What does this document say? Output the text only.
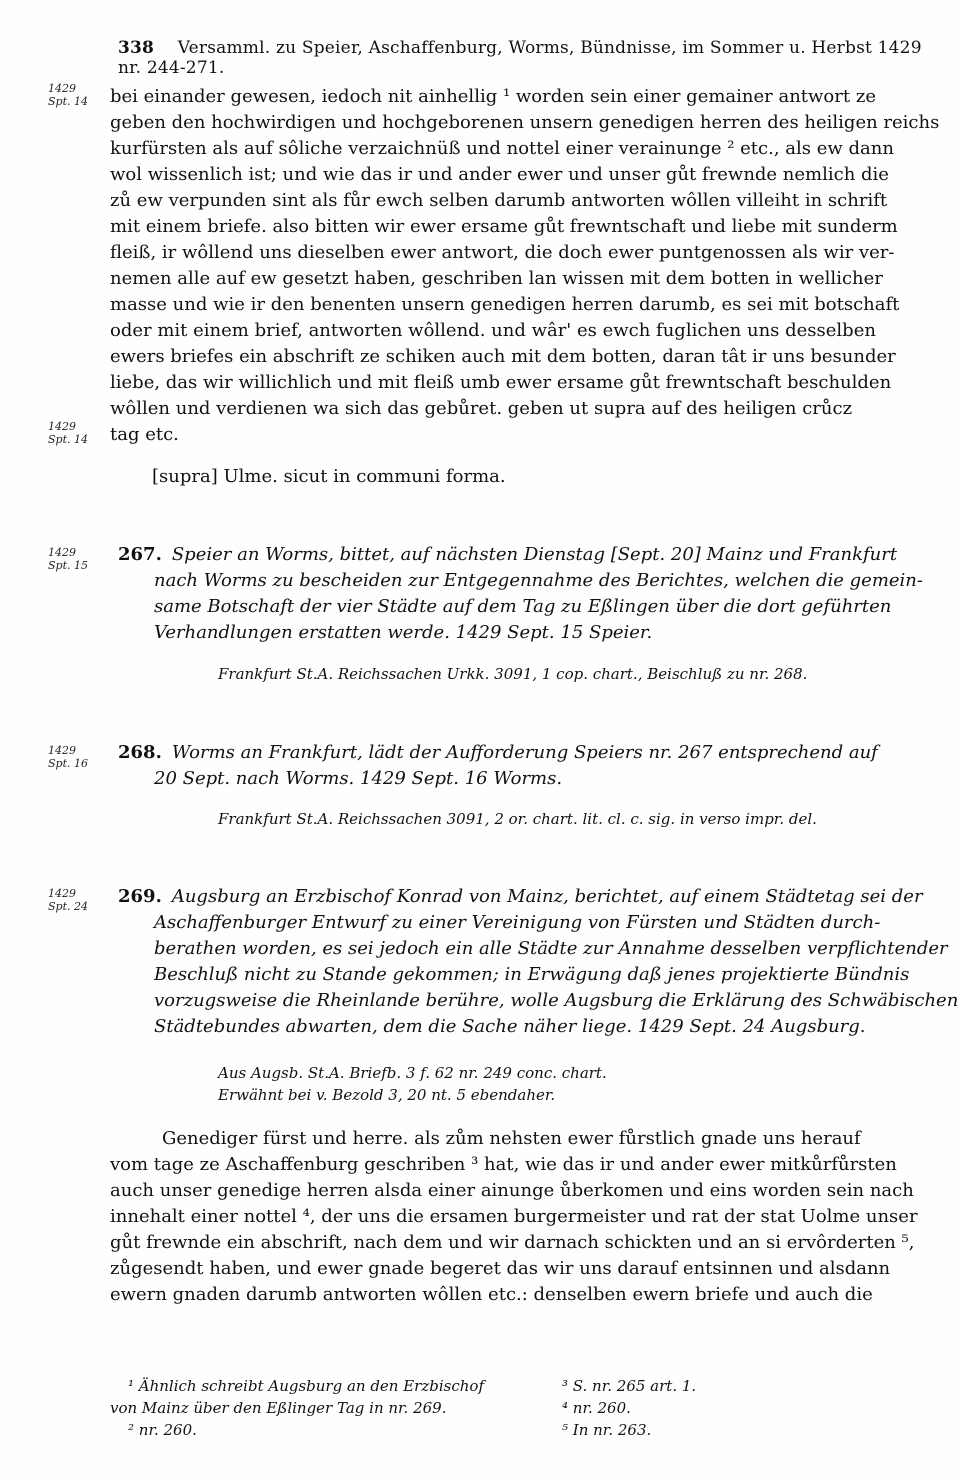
338 Versamml. zu Speier, Aschaffenburg, Worms, Bündnisse, im Sommer u. Herbst 1429 nr. 244-271.
1429
Spt. 14
1429
Spt. 14
1429
Spt. 15
1429
Spt. 16
1429
Spt. 24
bei einander gewesen, iedoch nit ainhellig ¹ worden sein einer gemainer antwort ze
geben den hochwirdigen und hochgeborenen unsern genedigen herren des heiligen reichs
kurfürsten als auf sôliche verzaichnüß und nottel einer verainunge ² etc., als ew dann
wol wissenlich ist; und wie das ir und ander ewer und unser gůt frewnde nemlich die
zů ew verpunden sint als fůr ewch selben darumb antworten wôllen villeiht in schrift
mit einem briefe. also bitten wir ewer ersame gůt frewntschaft und liebe mit sunderm
fleiß, ir wôllend uns dieselben ewer antwort, die doch ewer puntgenossen als wir ver-
nemen alle auf ew gesetzt haben, geschriben lan wissen mit dem botten in wellicher
masse und wie ir den benenten unsern genedigen herren darumb, es sei mit botschaft
oder mit einem brief, antworten wôllend. und wâr' es ewch fuglichen uns desselben
ewers briefes ein abschrift ze schiken auch mit dem botten, daran tât ir uns besunder
liebe, das wir willichlich und mit fleiß umb ewer ersame gůt frewntschaft beschulden
wôllen und verdienen wa sich das gebůret. geben ut supra auf des heiligen crůcz
tag etc.
[supra] Ulme. sicut in communi forma.
267. Speier an Worms, bittet, auf nächsten Dienstag [Sept. 20] Mainz und Frankfurt
nach Worms zu bescheiden zur Entgegennahme des Berichtes, welchen die gemein-
same Botschaft der vier Städte auf dem Tag zu Eßlingen über die dort geführten
Verhandlungen erstatten werde. 1429 Sept. 15 Speier.
Frankfurt St.A. Reichssachen Urkk. 3091, 1 cop. chart., Beischluß zu nr. 268.
268. Worms an Frankfurt, lädt der Aufforderung Speiers nr. 267 entsprechend auf
20 Sept. nach Worms. 1429 Sept. 16 Worms.
Frankfurt St.A. Reichssachen 3091, 2 or. chart. lit. cl. c. sig. in verso impr. del.
269. Augsburg an Erzbischof Konrad von Mainz, berichtet, auf einem Städtetag sei der
Aschaffenburger Entwurf zu einer Vereinigung von Fürsten und Städten durch-
berathen worden, es sei jedoch ein alle Städte zur Annahme desselben verpflichtender
Beschluß nicht zu Stande gekommen; in Erwägung daß jenes projektierte Bündnis
vorzugsweise die Rheinlande berühre, wolle Augsburg die Erklärung des Schwäbischen
Städtebundes abwarten, dem die Sache näher liege. 1429 Sept. 24 Augsburg.
Aus Augsb. St.A. Briefb. 3 f. 62 nr. 249 conc. chart.
Erwähnt bei v. Bezold 3, 20 nt. 5 ebendaher.
Genediger fürst und herre. als zům nehsten ewer fůrstlich gnade uns herauf
vom tage ze Aschaffenburg geschriben ³ hat, wie das ir und ander ewer mitkůrfůrsten
auch unser genedige herren alsda einer ainunge ůberkomen und eins worden sein nach
innehalt einer nottel ⁴, der uns die ersamen burgermeister und rat der stat Uolme unser
gůt frewnde ein abschrift, nach dem und wir darnach schickten und an si ervôrderten ⁵,
zůgesendt haben, und ewer gnade begeret das wir uns darauf entsinnen und alsdann
ewern gnaden darumb antworten wôllen etc.: denselben ewern briefe und auch die
¹ Ähnlich schreibt Augsburg an den Erzbischof
von Mainz über den Eßlinger Tag in nr. 269.
² nr. 260.
³ S. nr. 265 art. 1.
⁴ nr. 260.
⁵ In nr. 263.
